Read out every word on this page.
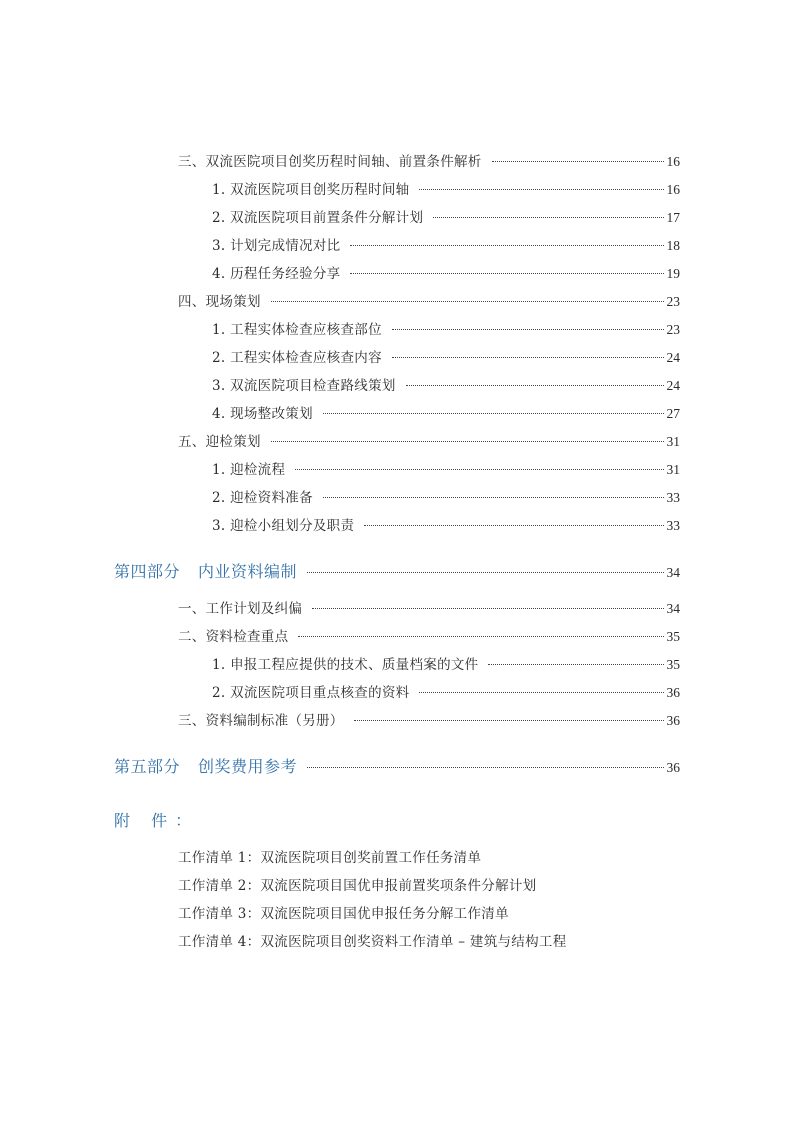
三、双流医院项目创奖历程时间轴、前置条件解析	16
1. 双流医院项目创奖历程时间轴	16
2. 双流医院项目前置条件分解计划	17
3. 计划完成情况对比	18
4. 历程任务经验分享	19
四、现场策划	23
1. 工程实体检查应核查部位	23
2. 工程实体检查应核查内容	24
3. 双流医院项目检查路线策划	24
4. 现场整改策划	27
五、迎检策划	31
1. 迎检流程	31
2. 迎检资料准备	33
3. 迎检小组划分及职责	33
第四部分 内业资料编制	34
一、工作计划及纠偏	34
二、资料检查重点	35
1. 申报工程应提供的技术、质量档案的文件	35
2. 双流医院项目重点核查的资料	36
三、资料编制标准（另册）	36
第五部分 创奖费用参考	36
附 件：
工作清单 1：双流医院项目创奖前置工作任务清单
工作清单 2：双流医院项目国优申报前置奖项条件分解计划
工作清单 3：双流医院项目国优申报任务分解工作清单
工作清单 4：双流医院项目创奖资料工作清单 – 建筑与结构工程
